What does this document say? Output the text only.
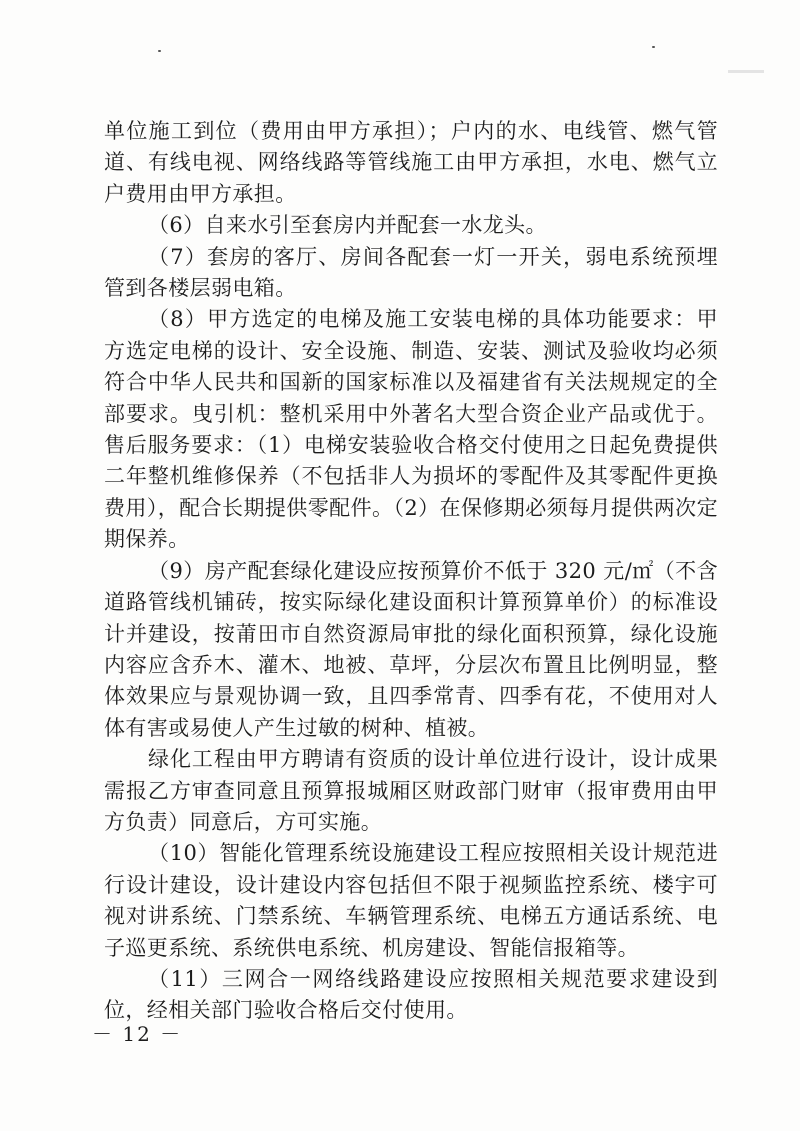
单位施工到位（费用由甲方承担）；户内的水、电线管、燃气管道、有线电视、网络线路等管线施工由甲方承担，水电、燃气立户费用由甲方承担。

（6）自来水引至套房内并配套一水龙头。

（7）套房的客厅、房间各配套一灯一开关，弱电系统预埋管到各楼层弱电箱。

（8）甲方选定的电梯及施工安装电梯的具体功能要求：甲方选定电梯的设计、安全设施、制造、安装、测试及验收均必须符合中华人民共和国新的国家标准以及福建省有关法规规定的全部要求。曳引机：整机采用中外著名大型合资企业产品或优于。售后服务要求：（1）电梯安装验收合格交付使用之日起免费提供二年整机维修保养（不包括非人为损坏的零配件及其零配件更换费用），配合长期提供零配件。（2）在保修期必须每月提供两次定期保养。

（9）房产配套绿化建设应按预算价不低于 320 元/㎡（不含道路管线机铺砖，按实际绿化建设面积计算预算单价）的标准设计并建设，按莆田市自然资源局审批的绿化面积预算，绿化设施内容应含乔木、灌木、地被、草坪，分层次布置且比例明显，整体效果应与景观协调一致，且四季常青、四季有花，不使用对人体有害或易使人产生过敏的树种、植被。

绿化工程由甲方聘请有资质的设计单位进行设计，设计成果需报乙方审查同意且预算报城厢区财政部门财审（报审费用由甲方负责）同意后，方可实施。

（10）智能化管理系统设施建设工程应按照相关设计规范进行设计建设，设计建设内容包括但不限于视频监控系统、楼宇可视对讲系统、门禁系统、车辆管理系统、电梯五方通话系统、电子巡更系统、系统供电系统、机房建设、智能信报箱等。

（11）三网合一网络线路建设应按照相关规范要求建设到位，经相关部门验收合格后交付使用。

－ 12 －
